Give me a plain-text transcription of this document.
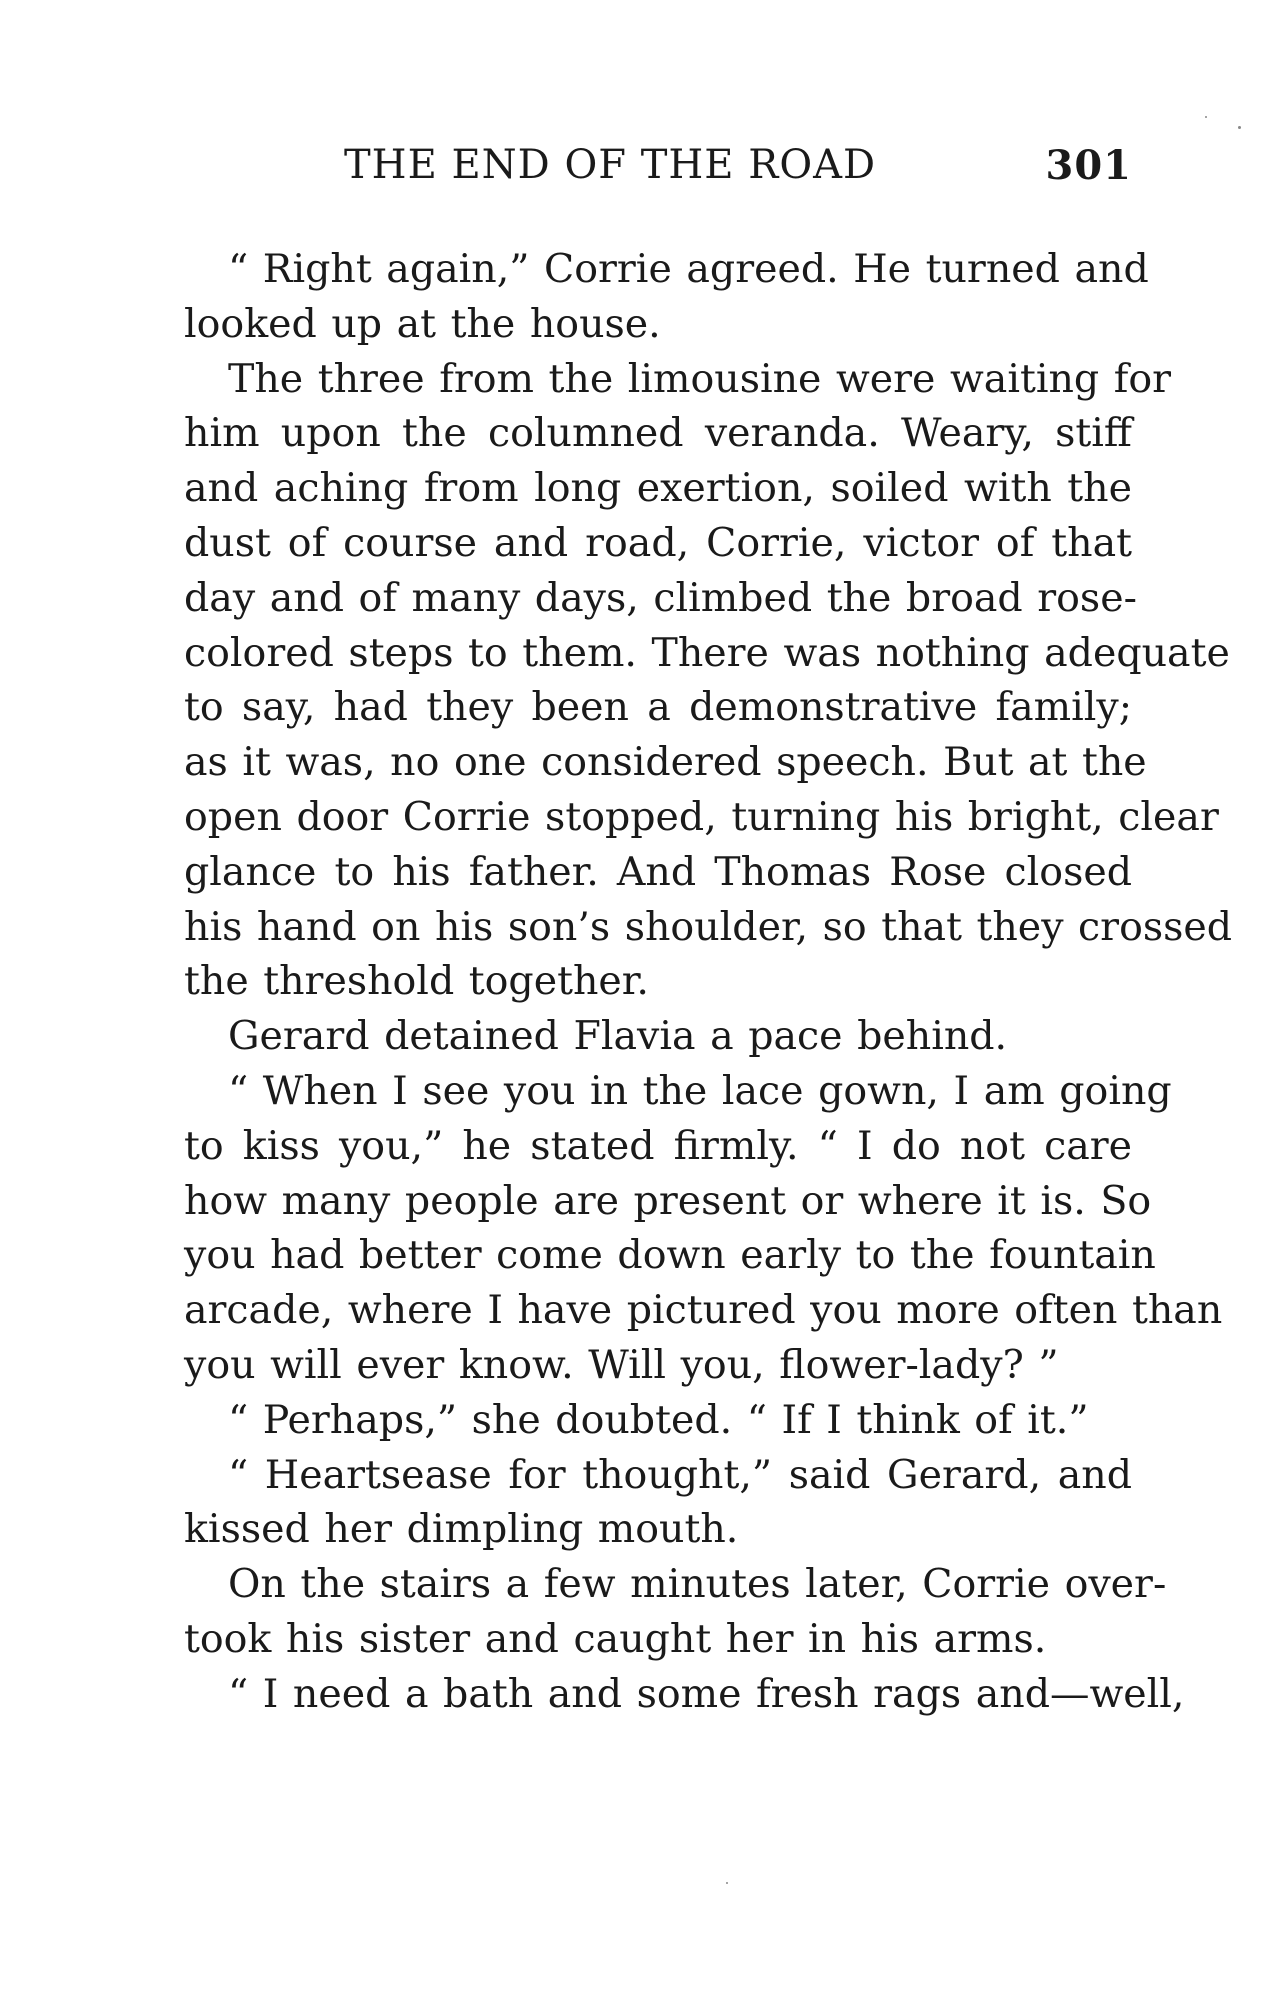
THE END OF THE ROAD	301
“ Right again,” Corrie agreed. He turned and
looked up at the house.
The three from the limousine were waiting for
him upon the columned veranda. Weary, stiff
and aching from long exertion, soiled with the
dust of course and road, Corrie, victor of that
day and of many days, climbed the broad rose-
colored steps to them. There was nothing adequate
to say, had they been a demonstrative family;
as it was, no one considered speech. But at the
open door Corrie stopped, turning his bright, clear
glance to his father. And Thomas Rose closed
his hand on his son’s shoulder, so that they crossed
the threshold together.
Gerard detained Flavia a pace behind.
“ When I see you in the lace gown, I am going
to kiss you,” he stated firmly. “ I do not care
how many people are present or where it is. So
you had better come down early to the fountain
arcade, where I have pictured you more often than
you will ever know. Will you, flower-lady? ”
“ Perhaps,” she doubted. “ If I think of it.”
“ Heartsease for thought,” said Gerard, and
kissed her dimpling mouth.
On the stairs a few minutes later, Corrie over-
took his sister and caught her in his arms.
“ I need a bath and some fresh rags and—well,
